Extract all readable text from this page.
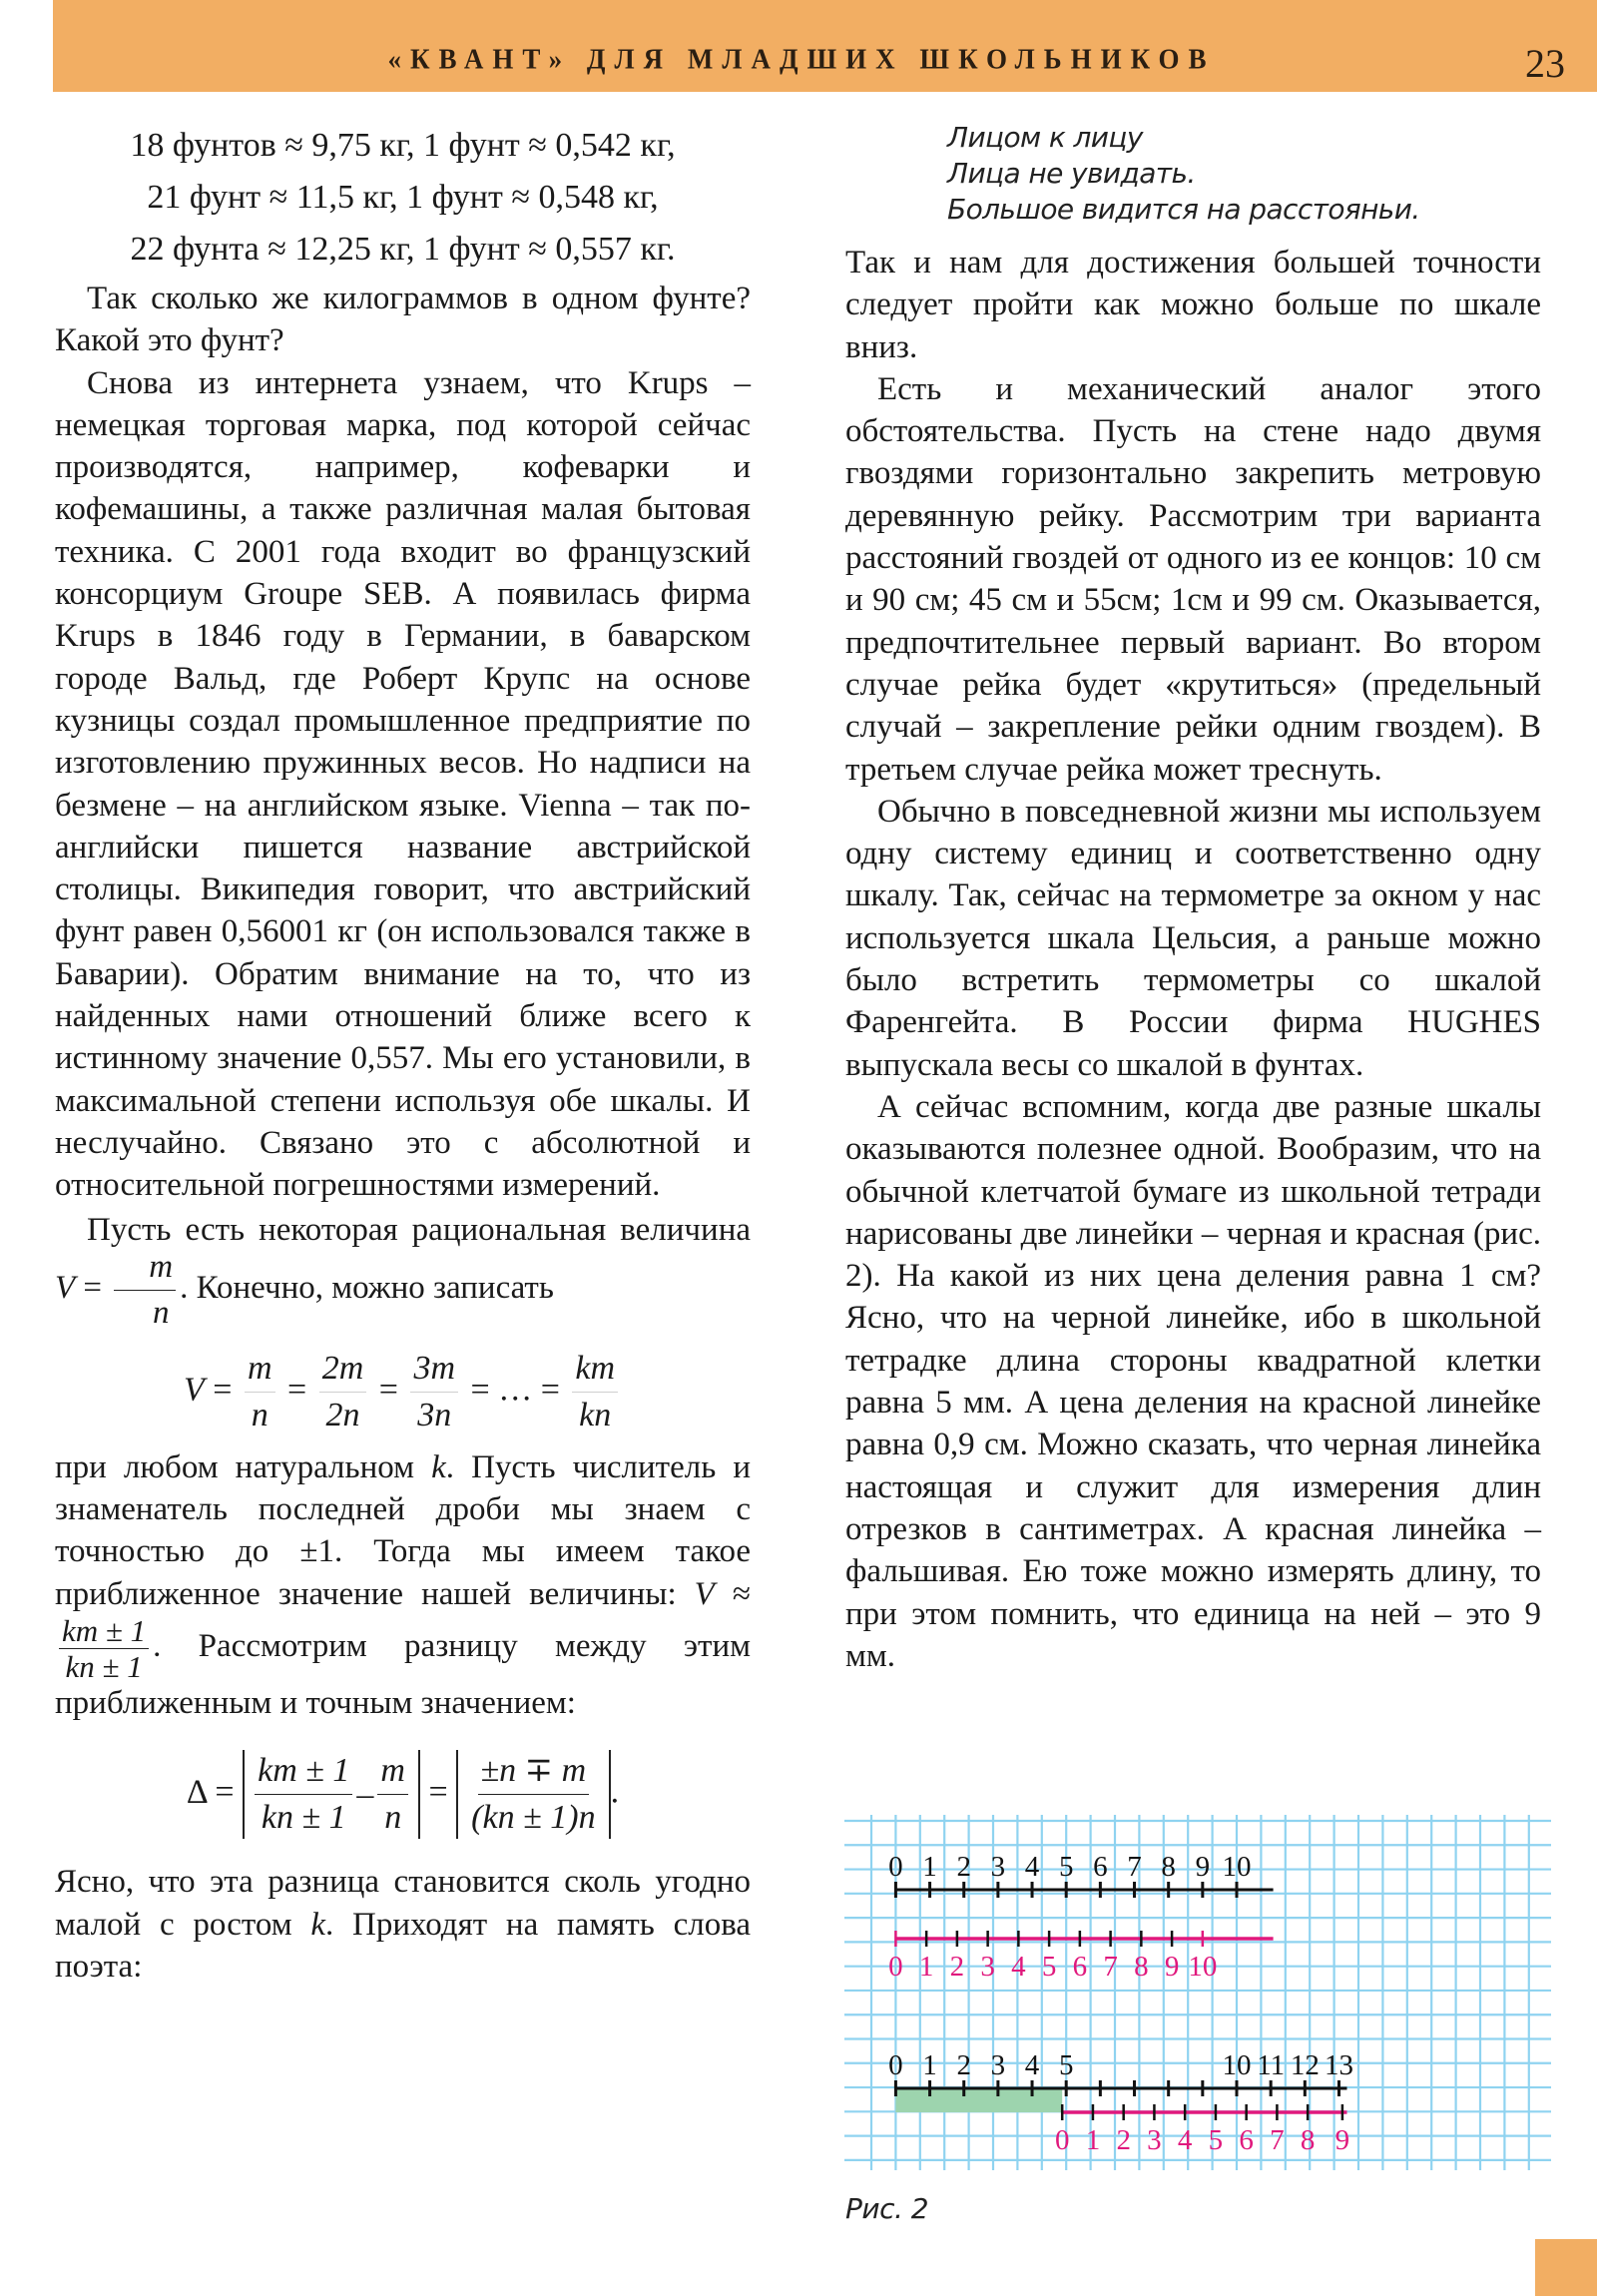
«КВАНТ» ДЛЯ МЛАДШИХ ШКОЛЬНИКОВ	23

18 фунтов ≈ 9,75 кг, 1 фунт ≈ 0,542 кг,

21 фунт ≈ 11,5 кг, 1 фунт ≈ 0,548 кг,

22 фунта ≈ 12,25 кг, 1 фунт ≈ 0,557 кг.

Так сколько же килограммов в одном фунте? Какой это фунт?

Снова из интернета узнаем, что Krups – немецкая торговая марка, под которой сейчас производятся, например, кофеварки и кофемашины, а также различная малая бытовая техника. С 2001 года входит во французский консорциум Groupe SEB. А появилась фирма Krups в 1846 году в Германии, в баварском городе Вальд, где Роберт Крупс на основе кузницы создал промышленное предприятие по изготовлению пружинных весов. Но надписи на безмене – на английском языке. Vienna – так по-английски пишется название австрийской столицы. Википедия говорит, что австрийский фунт равен 0,56001 кг (он использовался также в Баварии). Обратим внимание на то, что из найденных нами отношений ближе всего к истинному значение 0,557. Мы его установили, в максимальной степени используя обе шкалы. И неслучайно. Связано это с абсолютной и относительной погрешностями измерений.

Пусть есть некоторая рациональная величина $V = \frac{m}{n}$ . Конечно, можно записать

$V = \frac{m}{n} = \frac{2m}{2n} = \frac{3m}{3n}$ = … = $\frac{km}{kn}$

при любом натуральном k. Пусть числитель и знаменатель последней дроби мы знаем с точностью до ±1. Тогда мы имеем такое приближенное значение нашей величины: V ≈
$\frac{km \pm 1}{kn \pm 1}$ . Рассмотрим разницу между этим приближенным и точным значением:

$\Delta = \frac{km \pm 1}{kn \pm 1} - \frac{m}{n} = \frac{\pm n \mp m}{(kn \pm 1)n}$ .

Ясно, что эта разница становится сколь угодно малой с ростом k. Приходят на память слова поэта:

Лицом к лицу
Лица не увидать.
Большое видится на расстояньи.

Так и нам для достижения большей точности следует пройти как можно больше по шкале вниз.

Есть и механический аналог этого обстоятельства. Пусть на стене надо двумя гвоздями горизонтально закрепить метровую деревянную рейку. Рассмотрим три варианта расстояний гвоздей от одного из ее концов: 10 см и 90 см; 45 см и 55см; 1см и 99 см. Оказывается, предпочтительнее первый вариант. Во втором случае рейка будет «крутиться» (предельный случай – закрепление рейки одним гвоздем). В третьем случае рейка может треснуть.

Обычно в повседневной жизни мы используем одну систему единиц и соответственно одну шкалу. Так, сейчас на термометре за окном у нас используется шкала Цельсия, а раньше можно было встретить термометры со шкалой Фаренгейта. В России фирма HUGHES выпускала весы со шкалой в фунтах.

А сейчас вспомним, когда две разные шкалы оказываются полезнее одной. Вообразим, что на обычной клетчатой бумаге из школьной тетради нарисованы две линейки – черная и красная (рис. 2). На какой из них цена деления равна 1 см? Ясно, что на черной линейке, ибо в школьной тетрадке длина стороны квадратной клетки равна 5 мм. А цена деления на красной линейке равна 0,9 см. Можно сказать, что черная линейка настоящая и служит для измерения длин отрезков в сантиметрах. А красная линейка – фальшивая. Ею тоже можно измерять длину, то при этом помнить, что единица на ней – это 9 мм.

0 1 2 3 4 5 6 7 8 9 10
0 1 2 3 4 5 6 7 8 9 10
0 1 2 3 4 5	10 11 12 13
0 1 2 3 4 5 6 7 8 9
Рис. 2
